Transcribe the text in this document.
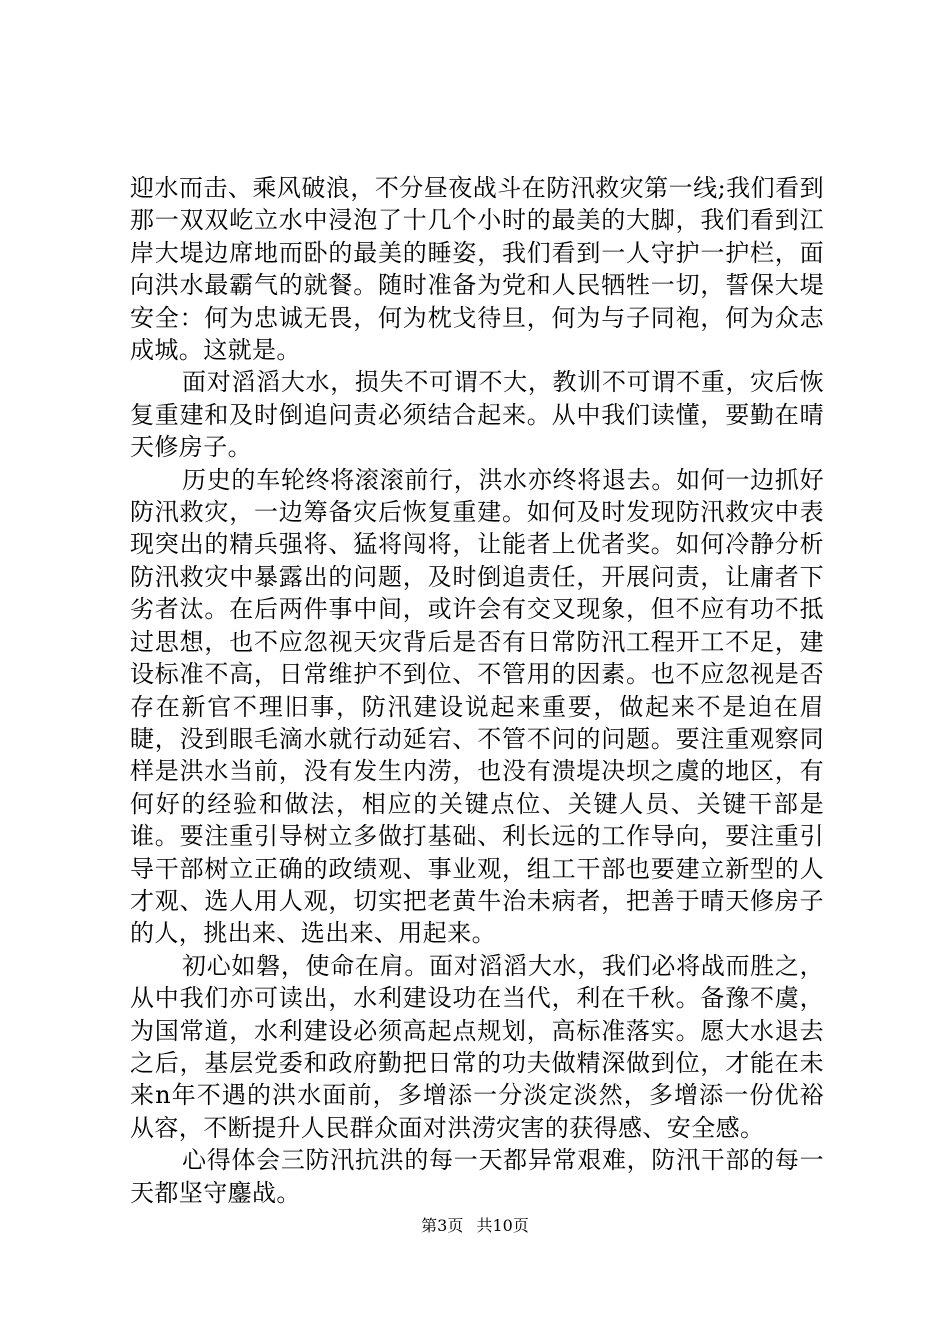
迎水而击、乘风破浪，不分昼夜战斗在防汛救灾第一线;我们看到那一双双屹立水中浸泡了十几个小时的最美的大脚，我们看到江岸大堤边席地而卧的最美的睡姿，我们看到一人守护一护栏，面向洪水最霸气的就餐。随时准备为党和人民牺牲一切，誓保大堤安全：何为忠诚无畏，何为枕戈待旦，何为与子同袍，何为众志成城。这就是。

面对滔滔大水，损失不可谓不大，教训不可谓不重，灾后恢复重建和及时倒追问责必须结合起来。从中我们读懂，要勤在晴天修房子。

历史的车轮终将滚滚前行，洪水亦终将退去。如何一边抓好防汛救灾，一边筹备灾后恢复重建。如何及时发现防汛救灾中表现突出的精兵强将、猛将闯将，让能者上优者奖。如何冷静分析防汛救灾中暴露出的问题，及时倒追责任，开展问责，让庸者下劣者汰。在后两件事中间，或许会有交叉现象，但不应有功不抵过思想，也不应忽视天灾背后是否有日常防汛工程开工不足，建设标准不高，日常维护不到位、不管用的因素。也不应忽视是否存在新官不理旧事，防汛建设说起来重要，做起来不是迫在眉睫，没到眼毛滴水就行动延宕、不管不问的问题。要注重观察同样是洪水当前，没有发生内涝，也没有溃堤决坝之虞的地区，有何好的经验和做法，相应的关键点位、关键人员、关键干部是谁。要注重引导树立多做打基础、利长远的工作导向，要注重引导干部树立正确的政绩观、事业观，组工干部也要建立新型的人才观、选人用人观，切实把老黄牛治未病者，把善于晴天修房子的人，挑出来、选出来、用起来。

初心如磐，使命在肩。面对滔滔大水，我们必将战而胜之，从中我们亦可读出，水利建设功在当代，利在千秋。备豫不虞，为国常道，水利建设必须高起点规划，高标准落实。愿大水退去之后，基层党委和政府勤把日常的功夫做精深做到位，才能在未来n年不遇的洪水面前，多增添一分淡定淡然，多增添一份优裕从容，不断提升人民群众面对洪涝灾害的获得感、安全感。

心得体会三防汛抗洪的每一天都异常艰难，防汛干部的每一天都坚守鏖战。

第3页 共10页
